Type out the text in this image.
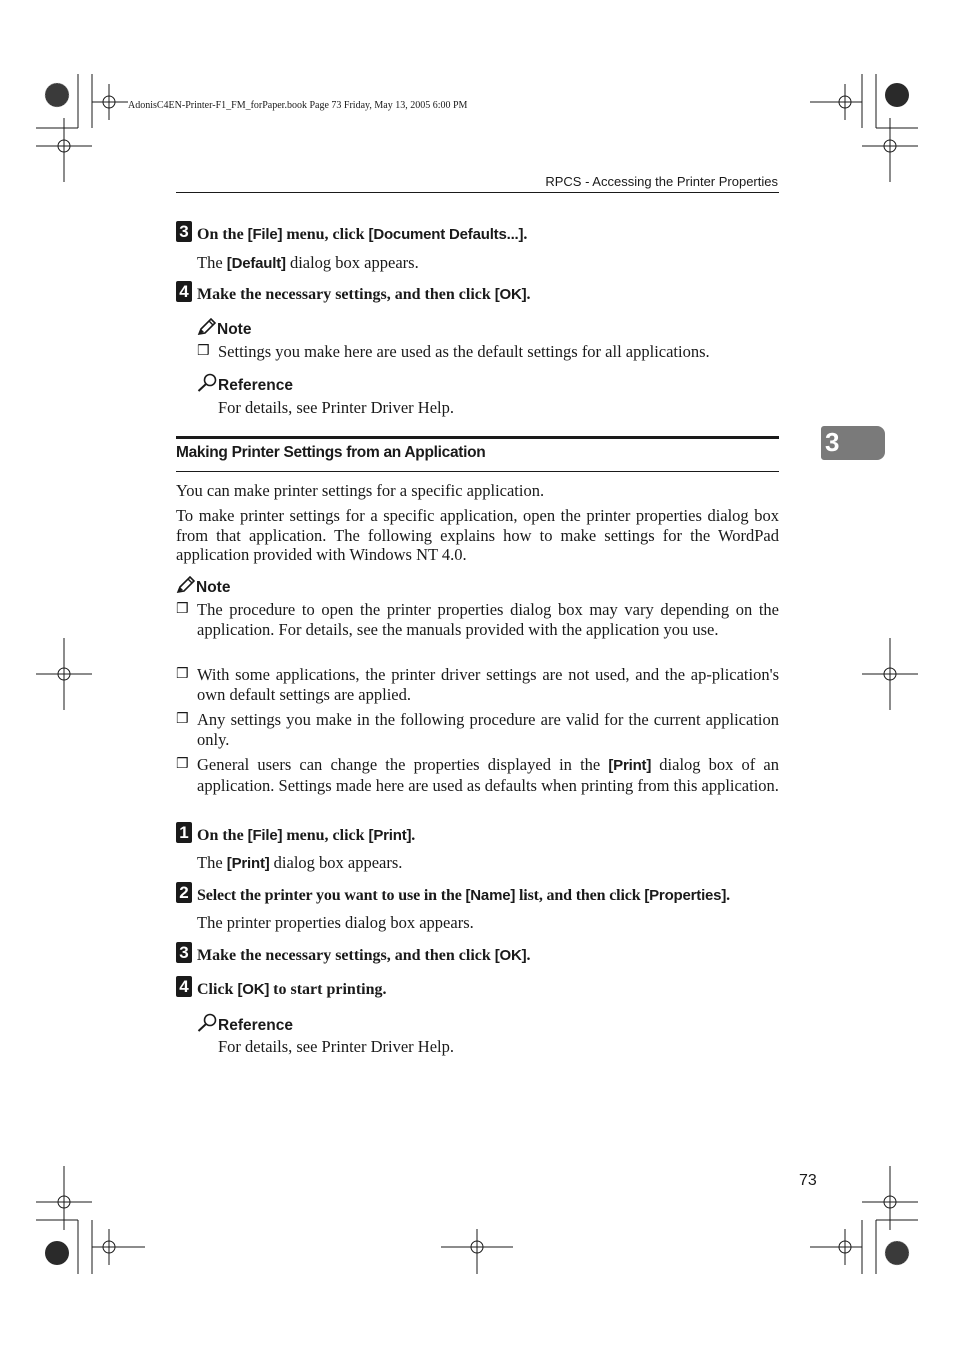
AdonisC4EN-Printer-F1_FM_forPaper.book Page 73 Friday, May 13, 2005 6:00 PM
RPCS - Accessing the Printer Properties
3
3 On the [File] menu, click [Document Defaults...].
The [Default] dialog box appears.
4 Make the necessary settings, and then click [OK].
Note
❒ Settings you make here are used as the default settings for all applications.
Reference
For details, see Printer Driver Help.
Making Printer Settings from an Application
You can make printer settings for a specific application.
To make printer settings for a specific application, open the printer properties dialog box from that application. The following explains how to make settings for the WordPad application provided with Windows NT 4.0.
Note
❒ The procedure to open the printer properties dialog box may vary depending on the application. For details, see the manuals provided with the application you use.
❒ With some applications, the printer driver settings are not used, and the ap-plication's own default settings are applied.
❒ Any settings you make in the following procedure are valid for the current application only.
❒ General users can change the properties displayed in the [Print] dialog box of an application. Settings made here are used as defaults when printing from this application.
1 On the [File] menu, click [Print].
The [Print] dialog box appears.
2 Select the printer you want to use in the [Name] list, and then click [Properties].
The printer properties dialog box appears.
3 Make the necessary settings, and then click [OK].
4 Click [OK] to start printing.
Reference
For details, see Printer Driver Help.
73
